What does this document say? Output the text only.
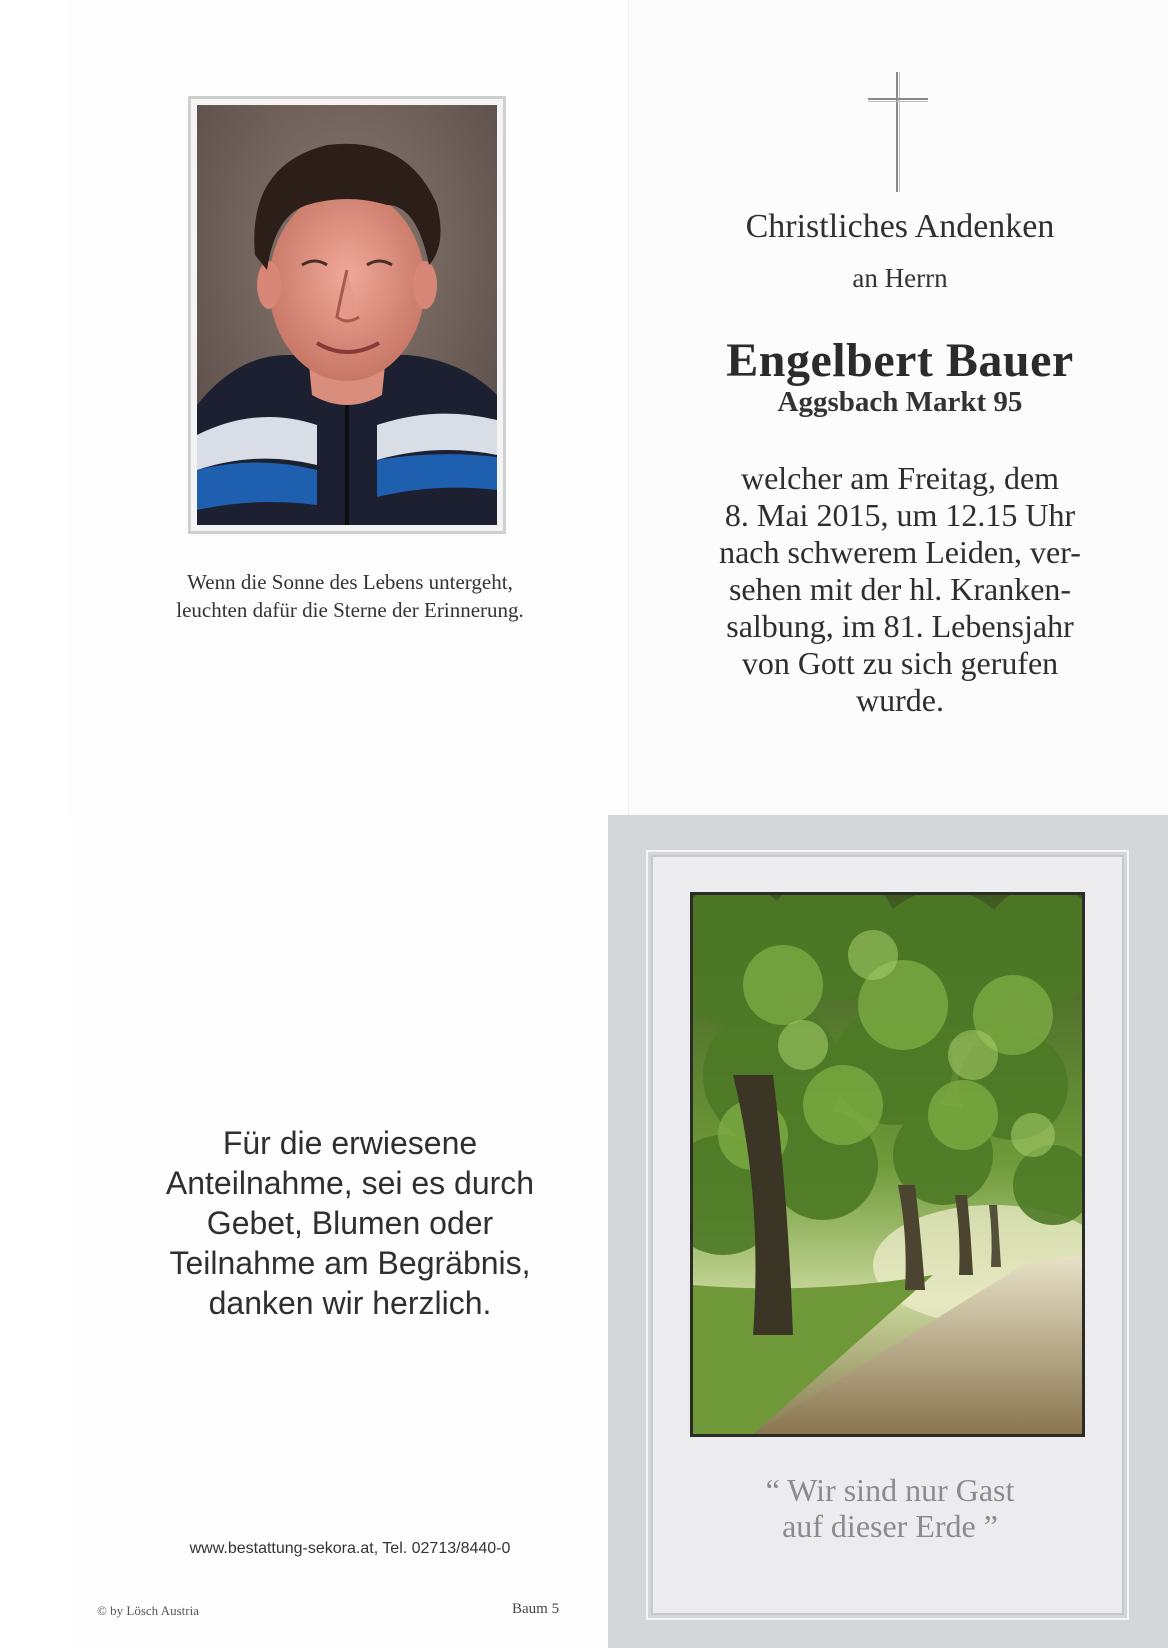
Wenn die Sonne des Lebens untergeht,
leuchten dafür die Sterne der Erinnerung.
Christliches Andenken
an Herrn
Engelbert Bauer
Aggsbach Markt 95
welcher am Freitag, dem
8. Mai 2015, um 12.15 Uhr
nach schwerem Leiden, ver-
sehen mit der hl. Kranken-
salbung, im 81. Lebensjahr
von Gott zu sich gerufen
wurde.
Für die erwiesene
Anteilnahme, sei es durch
Gebet, Blumen oder
Teilnahme am Begräbnis,
danken wir herzlich.
www.bestattung-sekora.at, Tel. 02713/8440-0
© by Lösch Austria	Baum 5
“ Wir sind nur Gast
auf dieser Erde ”
